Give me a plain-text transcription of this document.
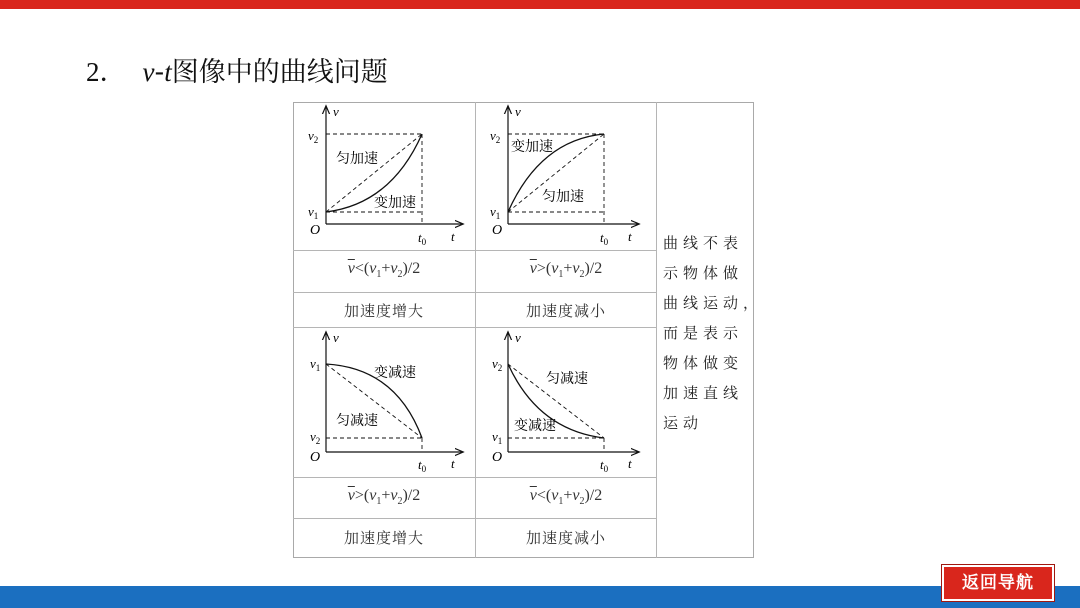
2． v-t图像中的曲线问题
$v_2$
$v_1$
O	$t_0$ t
v
匀加速
变加速
$v_2$
$v_1$
O	$t_0$ t
v
变加速
匀加速
$\overline{v}<(v_1+v_2)/2$	$\overline{v}>(v_1+v_2)/2$
加速度增大	加速度减小
$v_1$
$v_2$
O	$t_0$ t
v
变减速
匀减速
$v_2$
$v_1$
O	$t_0$ t
v
匀减速
变减速
$\overline{v}>(v_1+v_2)/2$	$\overline{v}<(v_1+v_2)/2$
加速度增大	加速度减小
曲线不表
示物体做
曲线运动，
而是表示
物体做变
加速直线
运动
返回导航
